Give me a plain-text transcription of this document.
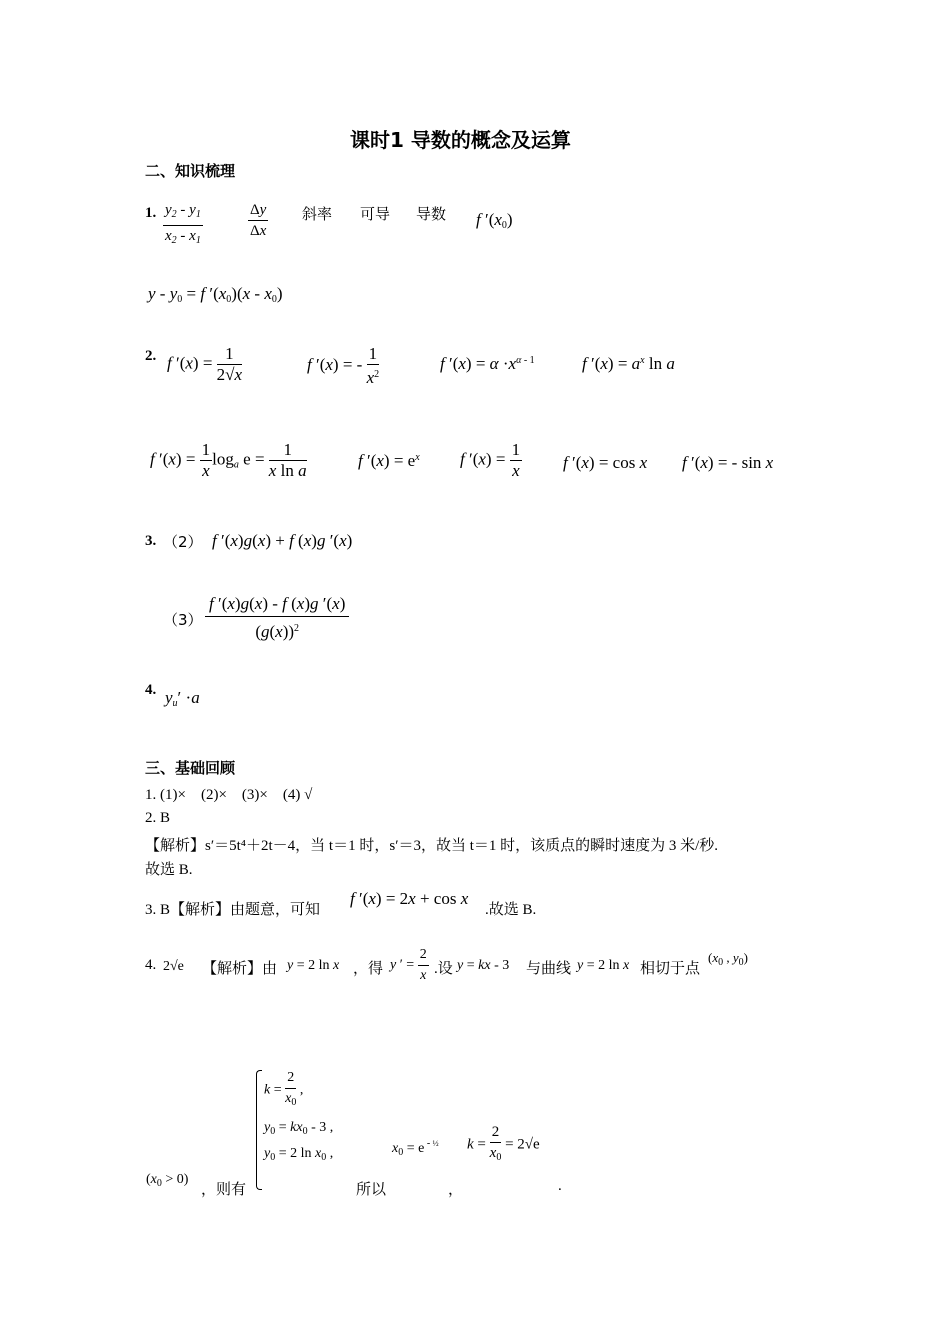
课时1 导数的概念及运算
二、知识梳理
1. $\frac{y_2 - y_1}{x_2 - x_1}$	$\frac{\Delta y}{\Delta x}$ 斜率 可导 导数 f $'(x_0)$
$y - y_0 = f$ $'(x_0)(x - x_0)$
2. f $'(x) = \frac{1}{2√x}$	f ′(x) = - $\frac{1}{x^2}$	f $'(x) = \alpha \cdot x^{\alpha - 1}$	f $'(x) = a^x$ ln a
f $'(x) = \frac{1}{x} \log_a e = \frac{1}{\text{x ln a}}$	f $'(x) = e^x$ f $'(x) = \frac{1}{x}$ f ′(x) = cos x f ′(x) = - sin x
3. （2） f ′(x)g(x) + f (x)g ′(x)
$(3) \frac{f '(x)g(x) - f (x)g '(x)}{(g(x))^2}$
4. $y_u' \cdot a$
三、基础回顾
1. (1)×　(2)×　(3)×　(4) √
2. B
【解析】s′＝5t⁴＋2t－4，当 t＝1 时，s′＝3，故当 t＝1 时，该质点的瞬时速度为 3 米/秒.
故选 B.
3. B【解析】由题意，可知
f ′(x) = 2x + cos x
.故选 B.
4. 2√e 【解析】由 y = 2 ln x ，得 y ′ = $\frac{2}{x}$ .设 y = kx - 3 与曲线 y = 2 ln x 相切于点
($x_0$ , $y_0$)
$k = \frac{2}{x_0}$ ,
$y_0 = kx_0 - 3$ ,
$y_0 = 2$ $\ln x_0$ ,
$(x_0 > 0)$
，则有
$x_0 = e$ $^{- \frac{1}{2}}$ $k = \frac{2}{x_0} = 2√e$
所以	，	.
